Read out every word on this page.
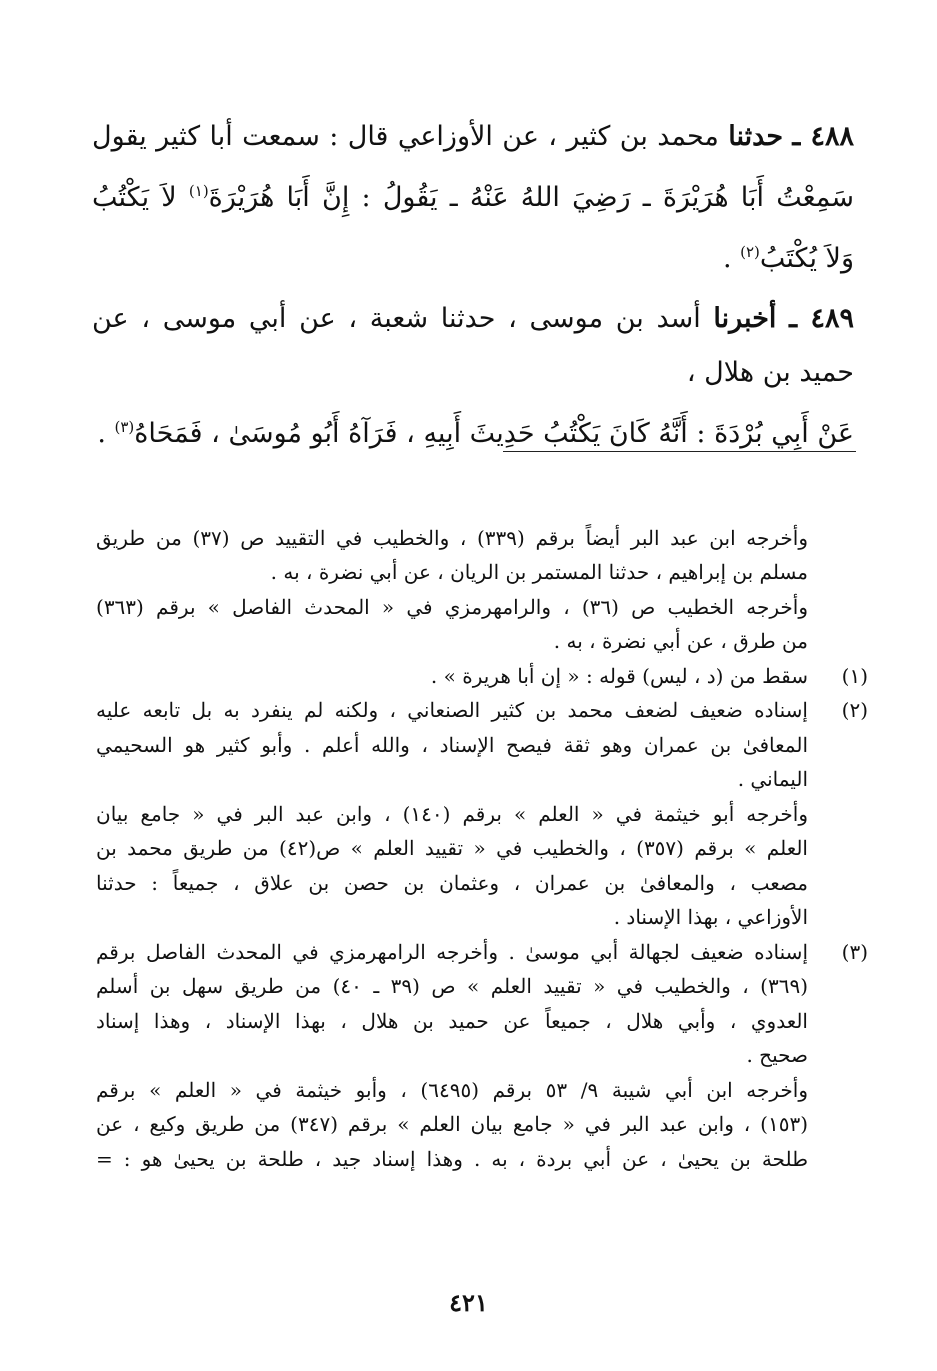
٤٨٨ ـ حدثنا محمد بن كثير ، عن الأوزاعي قال : سمعت أبا كثير يقول
سَمِعْتُ أَبَا هُرَيْرَةَ ـ رَضِيَ اللهُ عَنْهُ ـ يَقُولُ : إِنَّ أَبَا هُرَيْرَةَ$^{(١)}$ لاَ يَكْتُبُ
وَلاَ يُكْتَبُ$^{(٢)}$ .
٤٨٩ ـ أخبرنا أسد بن موسى ، حدثنا شعبة ، عن أبي موسى ، عن
حميد بن هلال ،
عَنْ أَبِي بُرْدَةَ : أَنَّهُ كَانَ يَكْتُبُ حَدِيثَ أَبِيهِ ، فَرَآهُ أَبُو مُوسَىٰ ، فَمَحَاهُ$^{(٣)}$ .
وأخرجه ابن عبد البر أيضاً برقم (٣٣٩) ، والخطيب في التقييد ص (٣٧) من طريق
مسلم بن إبراهيم ، حدثنا المستمر بن الريان ، عن أبي نضرة ، به .
وأخرجه الخطيب ص (٣٦) ، والرامهرمزي في « المحدث الفاصل » برقم (٣٦٣)
من طرق ، عن أبي نضرة ، به .
(١)
سقط من (د ، ليس) قوله : « إن أبا هريرة » .
(٢)
إسناده ضعيف لضعف محمد بن كثير الصنعاني ، ولكنه لم ينفرد به بل تابعه عليه
المعافىٰ بن عمران وهو ثقة فيصح الإسناد ، والله أعلم . وأبو كثير هو السحيمي
اليماني .
وأخرجه أبو خيثمة في « العلم » برقم (١٤٠) ، وابن عبد البر في « جامع بيان
العلم » برقم (٣٥٧) ، والخطيب في « تقييد العلم » ص(٤٢) من طريق محمد بن
مصعب ، والمعافىٰ بن عمران ، وعثمان بن حصن بن علاق ، جميعاً : حدثنا
الأوزاعي ، بهذا الإسناد .
(٣)
إسناده ضعيف لجهالة أبي موسىٰ . وأخرجه الرامهرمزي في المحدث الفاصل برقم
(٣٦٩) ، والخطيب في « تقييد العلم » ص (٣٩ ـ ٤٠) من طريق سهل بن أسلم
العدوي ، وأبي هلال ، جميعاً عن حميد بن هلال ، بهذا الإسناد ، وهذا إسناد
صحيح .
وأخرجه ابن أبي شيبة ٩/ ٥٣ برقم (٦٤٩٥) ، وأبو خيثمة في « العلم » برقم
(١٥٣) ، وابن عبد البر في « جامع بيان العلم » برقم (٣٤٧) من طريق وكيع ، عن
طلحة بن يحيىٰ ، عن أبي بردة ، به . وهذا إسناد جيد ، طلحة بن يحيىٰ هو : =
٤٢١
